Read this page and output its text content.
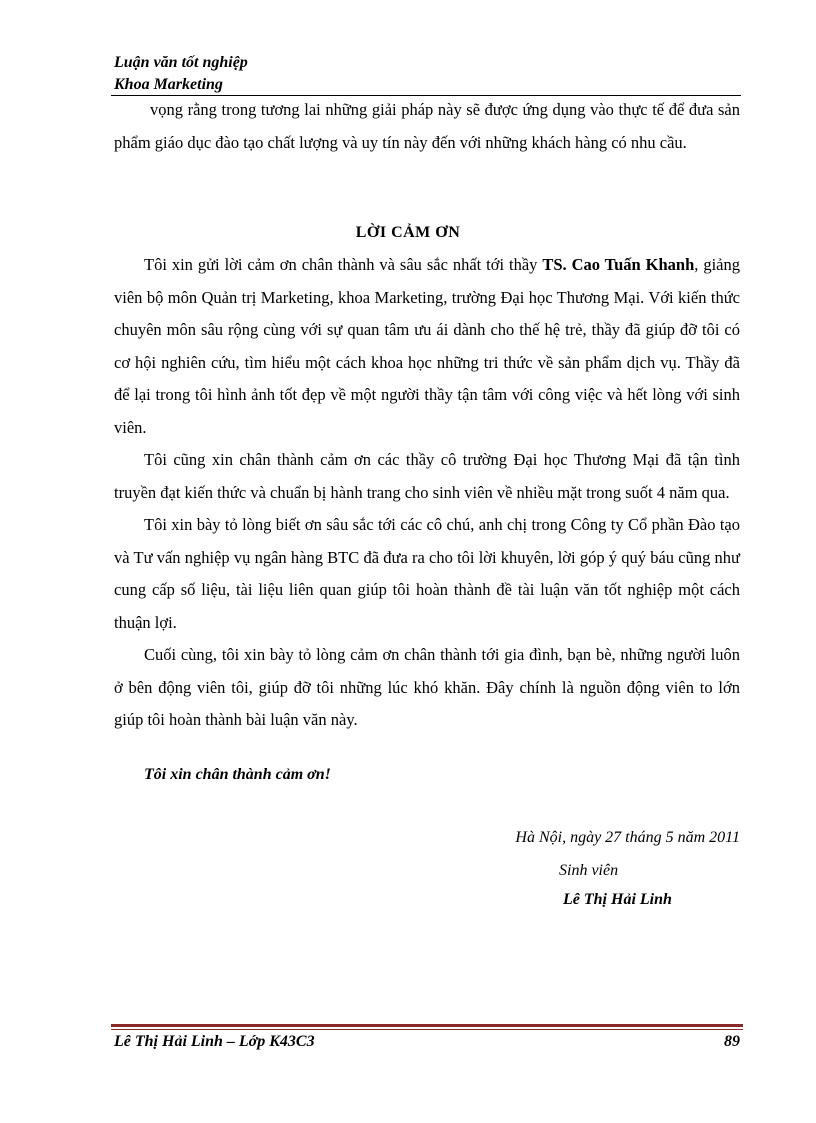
Luận văn tốt nghiệp
Khoa Marketing

vọng rằng trong tương lai những giải pháp này sẽ được ứng dụng vào thực tế để đưa sản phẩm giáo dục đào tạo chất lượng và uy tín này đến với những khách hàng có nhu cầu.

LỜI CẢM ƠN

Tôi xin gửi lời cảm ơn chân thành và sâu sắc nhất tới thầy TS. Cao Tuấn Khanh, giảng viên bộ môn Quản trị Marketing, khoa Marketing, trường Đại học Thương Mại. Với kiến thức chuyên môn sâu rộng cùng với sự quan tâm ưu ái dành cho thế hệ trẻ, thầy đã giúp đỡ tôi có cơ hội nghiên cứu, tìm hiểu một cách khoa học những tri thức về sản phẩm dịch vụ. Thầy đã để lại trong tôi hình ảnh tốt đẹp về một người thầy tận tâm với công việc và hết lòng với sinh viên.

Tôi cũng xin chân thành cảm ơn các thầy cô trường Đại học Thương Mại đã tận tình truyền đạt kiến thức và chuẩn bị hành trang cho sinh viên về nhiều mặt trong suốt 4 năm qua.

Tôi xin bày tỏ lòng biết ơn sâu sắc tới các cô chú, anh chị trong Công ty Cổ phần Đào tạo và Tư vấn nghiệp vụ ngân hàng BTC đã đưa ra cho tôi lời khuyên, lời góp ý quý báu cũng như cung cấp số liệu, tài liệu liên quan giúp tôi hoàn thành đề tài luận văn tốt nghiệp một cách thuận lợi.

Cuối cùng, tôi xin bày tỏ lòng cảm ơn chân thành tới gia đình, bạn bè, những người luôn ở bên động viên tôi, giúp đỡ tôi những lúc khó khăn. Đây chính là nguồn động viên to lớn giúp tôi hoàn thành bài luận văn này.

Tôi xin chân thành cảm ơn!
Hà Nội, ngày 27 tháng 5 năm 2011
Sinh viên
Lê Thị Hải Linh
Lê Thị Hải Linh – Lớp K43C3	89
